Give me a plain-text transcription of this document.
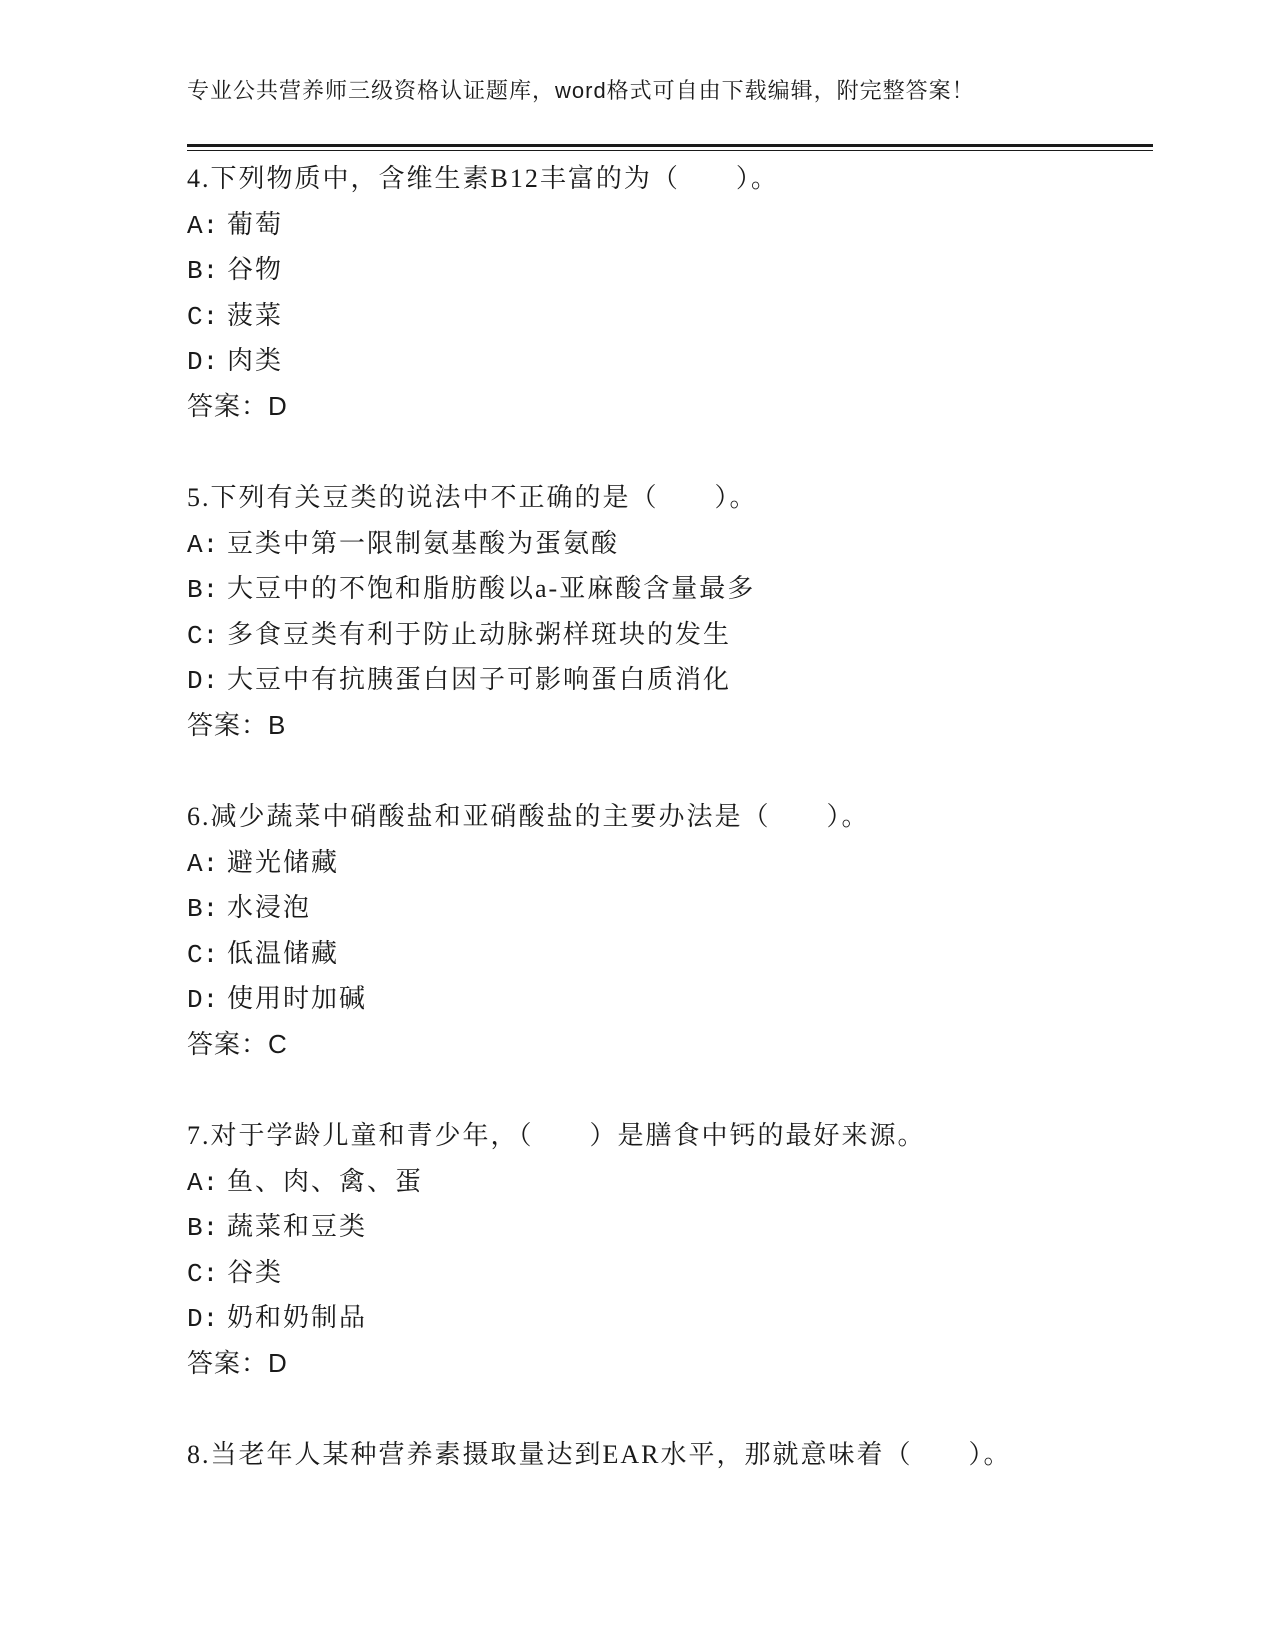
专业公共营养师三级资格认证题库，word格式可自由下载编辑，附完整答案！
4.下列物质中，含维生素B12丰富的为（　　）。
A: 葡萄
B: 谷物
C: 菠菜
D: 肉类
答案：D
5.下列有关豆类的说法中不正确的是（　　）。
A: 豆类中第一限制氨基酸为蛋氨酸
B: 大豆中的不饱和脂肪酸以a-亚麻酸含量最多
C: 多食豆类有利于防止动脉粥样斑块的发生
D: 大豆中有抗胰蛋白因子可影响蛋白质消化
答案：B
6.减少蔬菜中硝酸盐和亚硝酸盐的主要办法是（　　）。
A: 避光储藏
B: 水浸泡
C: 低温储藏
D: 使用时加碱
答案：C
7.对于学龄儿童和青少年，（　　）是膳食中钙的最好来源。
A: 鱼、肉、禽、蛋
B: 蔬菜和豆类
C: 谷类
D: 奶和奶制品
答案：D
8.当老年人某种营养素摄取量达到EAR水平，那就意味着（　　）。
